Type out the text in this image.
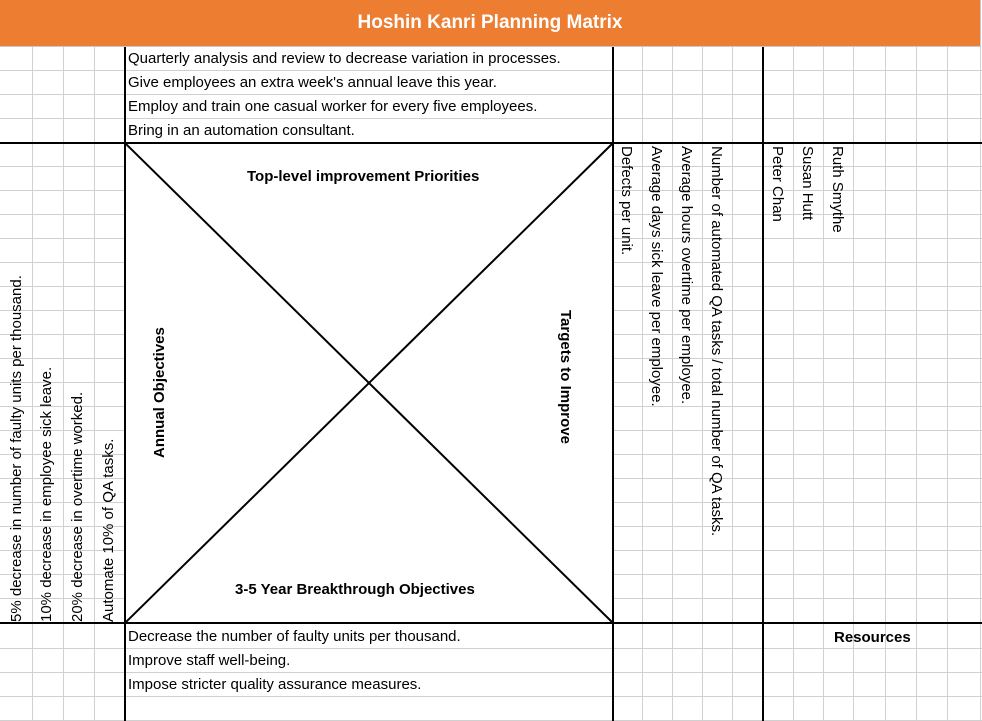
Hoshin Kanri Planning Matrix
Quarterly analysis and review to decrease variation in processes.
Give employees an extra week's annual leave this year.
Employ and train one casual worker for every five employees.
Bring in an automation consultant.
Decrease the number of faulty units per thousand.
Improve staff well-being.
Impose stricter quality assurance measures.
5% decrease in number of faulty units per thousand. 10% decrease in employee sick leave. 20% decrease in overtime worked. Automate 10% of QA tasks.
Defects per unit. Average days sick leave per employee. Average hours overtime per employee. Number of automated QA tasks / total number of QA tasks.	Peter Chan Susan Hutt Ruth Smythe
Top-level improvement Priorities
3-5 Year Breakthrough Objectives
Annual Objectives	Targets to Improve
Resources
